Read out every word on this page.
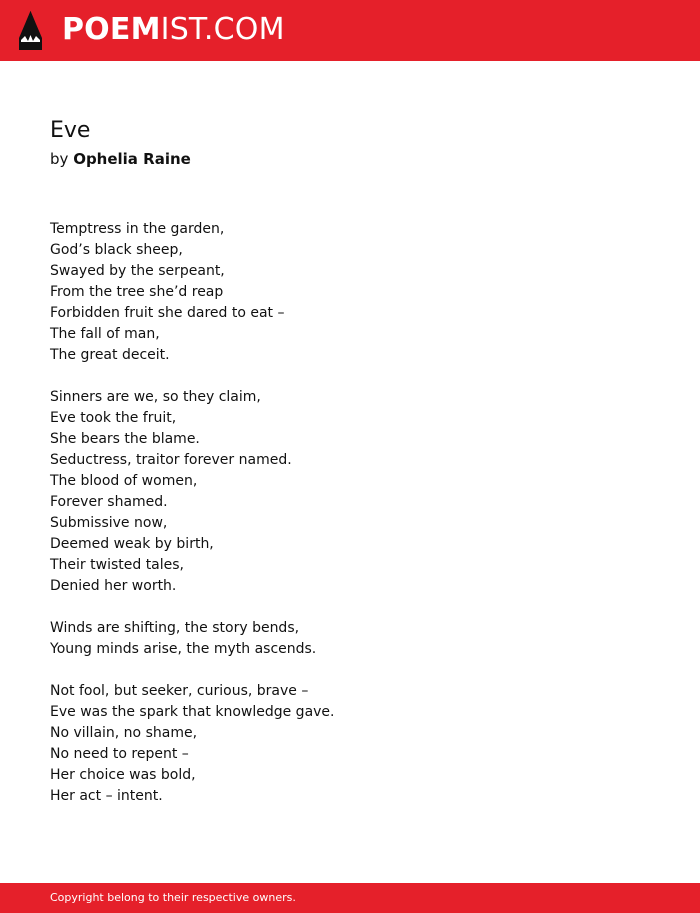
POEMIST.COM
Eve
by Ophelia Raine
Temptress in the garden,
God’s black sheep,
Swayed by the serpeant,
From the tree she’d reap
Forbidden fruit she dared to eat –
The fall of man,
The great deceit.
Sinners are we, so they claim,
Eve took the fruit,
She bears the blame.
Seductress, traitor forever named.
The blood of women,
Forever shamed.
Submissive now,
Deemed weak by birth,
Their twisted tales,
Denied her worth.
Winds are shifting, the story bends,
Young minds arise, the myth ascends.
Not fool, but seeker, curious, brave –
Eve was the spark that knowledge gave.
No villain, no shame,
No need to repent –
Her choice was bold,
Her act – intent.
Copyright belong to their respective owners.
